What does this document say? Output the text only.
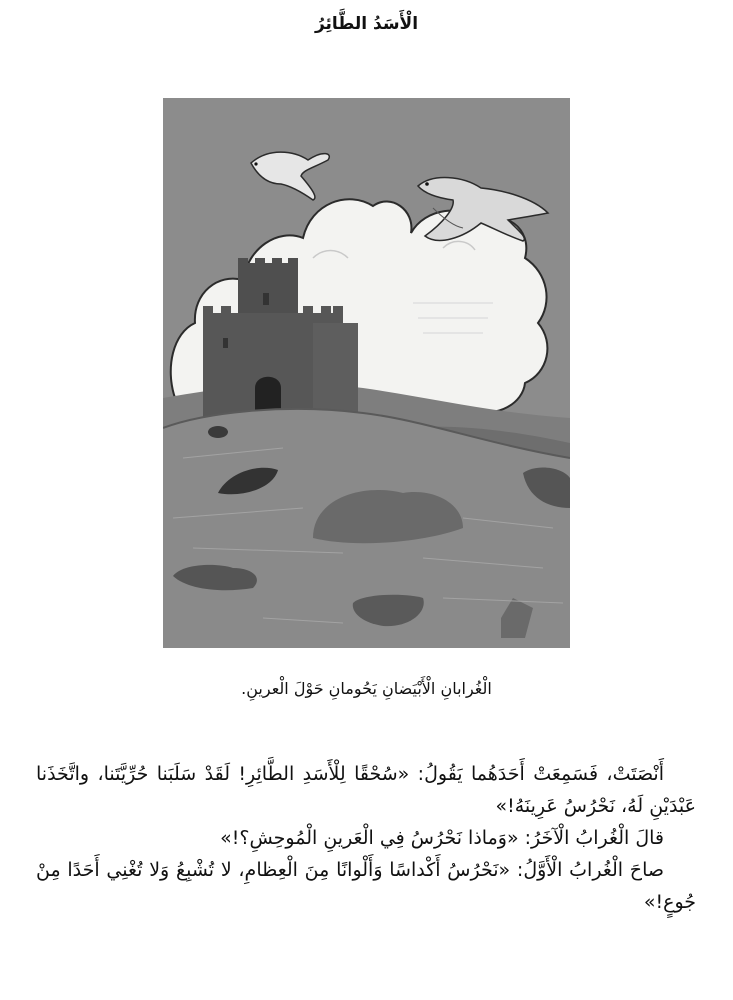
الْأَسَدُ الطَّائِرُ
الْغُرابانِ الْأَبْيَضانِ يَحُومانِ حَوْلَ الْعرينِ.

أَنْصَتَتْ، فَسَمِعَتْ أَحَدَهُما يَقُولُ: «سُحْقًا لِلْأَسَدِ الطَّائِرِ! لَقَدْ سَلَبَنا حُرِّيَّتَنا، واتَّخَذَنا عَبْدَيْنِ لَهُ، نَحْرُسُ عَرِينَهُ!»

قالَ الْغُرابُ الْآخَرُ: «وَماذا نَحْرُسُ فِي الْعَرينِ الْمُوحِشِ؟!»

صاحَ الْغُرابُ الْأَوَّلُ: «نَحْرُسُ أَكْداسًا وَأَلْوانًا مِنَ الْعِظامِ، لا تُشْبِعُ وَلا تُغْنِي أَحَدًا مِنْ جُوعٍ!»
